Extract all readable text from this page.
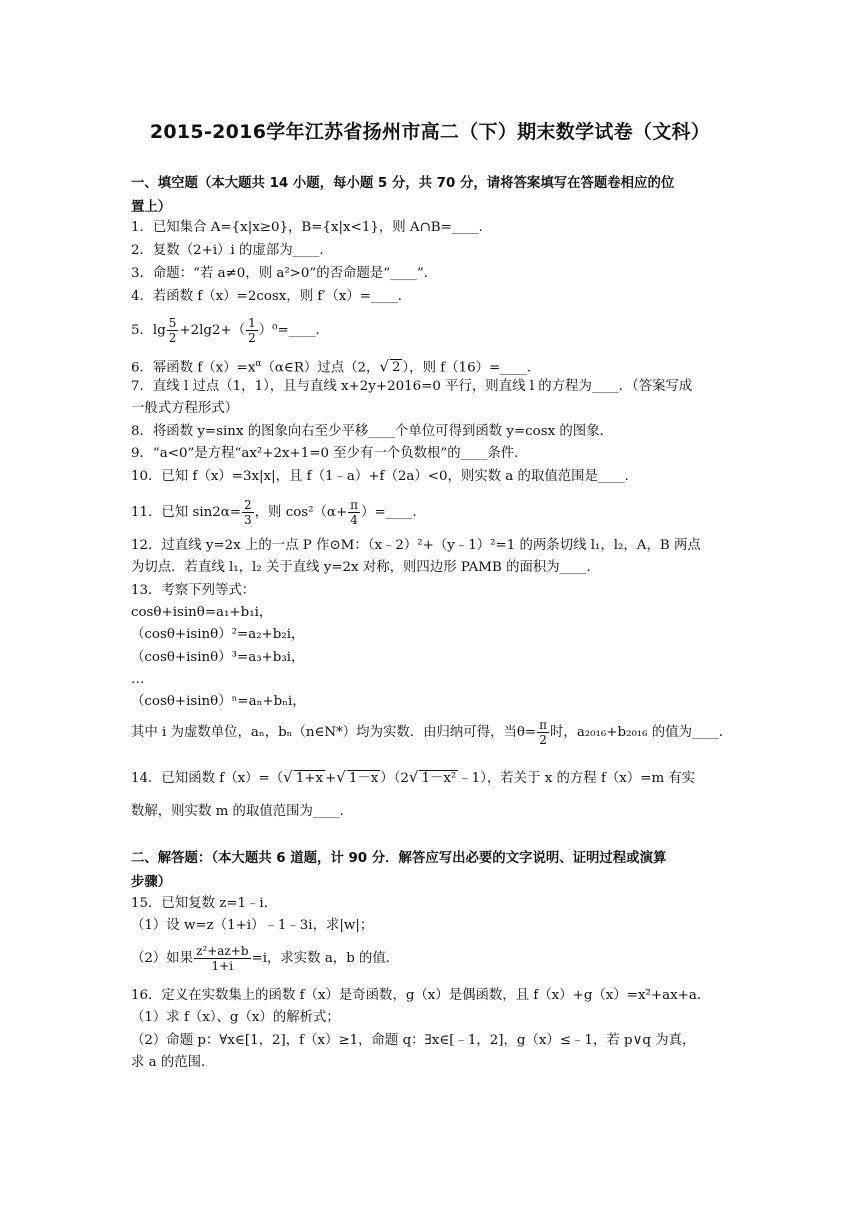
2015-2016学年江苏省扬州市高二（下）期末数学试卷（文科）
一、填空题（本大题共 14 小题，每小题 5 分，共 70 分，请将答案填写在答题卷相应的位
置上）
1．已知集合 A={x|x≥0}，B={x|x<1}，则 A∩B=____．
2．复数（2+i）i 的虚部为____．
3．命题：“若 a≠0，则 a²>0”的否命题是“____”．
4．若函数 f（x）=2cosx，则 f′（x）=____．
5．$\lg \frac{5}{2} +2\lg 2+( \frac{1}{2}$ ）⁰=____．
6．幂函数 $f(x)=x^\alpha(\alpha\in R)$过点（2，√ 2 ），则 f（16）=____．
7．直线 l 过点（1，1），且与直线 x+2y+2016=0 平行，则直线 l 的方程为____．（答案写成
一般式方程形式）
8．将函数 y=sinx 的图象向右至少平移____个单位可得到函数 y=cosx 的图象．
9．“a<0”是方程“ax²+2x+1=0 至少有一个负数根”的____条件．
10．已知 f（x）=3x|x|，且 f（1﹣a）+f（2a）<0，则实数 a 的取值范围是____．
11．已知 $\sin 2\alpha= \frac{2}{3}$ ，则 $\cos^2(\alpha+ \frac{\pi}{4}$ ）=____．
12．过直线 y=2x 上的一点 P 作⊙M：（x﹣2）²+（y﹣1）²=1 的两条切线 l₁，l₂，A，B 两点
为切点．若直线 l₁，l₂ 关于直线 y=2x 对称，则四边形 PAMB 的面积为____．
13．考察下列等式：
cosθ+isinθ=a₁+b₁i，
（cosθ+isinθ）²=a₂+b₂i，
（cosθ+isinθ）³=a₃+b₃i，
…
（cosθ+isinθ）ⁿ=aₙ+bₙi，
其中 i 为虚数单位，aₙ，bₙ（n∈N*）均为实数．由归纳可得，当$\theta= \frac{\pi}{2}$ 时，a₂₀₁₆+b₂₀₁₆ 的值为____．
14．已知函数 f（x）=（√ 1+x +√ 1－x ）（2√ 1－x² ﹣1），若关于 x 的方程 f（x）=m 有实
数解，则实数 m 的取值范围为____．
二、解答题：（本大题共 6 道题，计 90 分．解答应写出必要的文字说明、证明过程或演算
步骤）
15．已知复数 z=1﹣i．
（1）设 w=z（1+i）﹣1﹣3i，求|w|；
（2）如果 $\frac{\text{z²+az+b}}{1+i} =i$，求实数 a，b 的值．
16．定义在实数集上的函数 f（x）是奇函数，g（x）是偶函数，且 f（x）+g（x）=x²+ax+a．
（1）求 f（x）、g（x）的解析式；
（2）命题 p：∀x∈[1，2]，f（x）≥1，命题 q：∃x∈[﹣1，2]，g（x）≤﹣1，若 p∨q 为真，
求 a 的范围．
